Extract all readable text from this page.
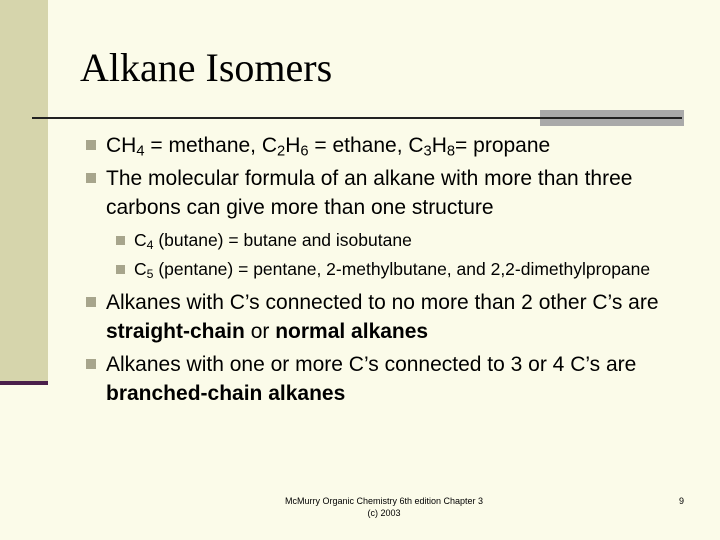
Alkane Isomers
$CH_4$ = methane, $C_2H_6$ = ethane, $C_3H_8=$ propane
The molecular formula of an alkane with more than three carbons can give more than one structure
$C_4$ (butane) = butane and isobutane
$C_5$ (pentane) = pentane, 2-methylbutane, and 2,2-dimethylpropane
Alkanes with C’s connected to no more than 2 other C’s are straight-chain or normal alkanes
Alkanes with one or more C’s connected to 3 or 4 C’s are branched-chain alkanes
McMurry Organic Chemistry 6th edition Chapter 3
(c) 2003
9
